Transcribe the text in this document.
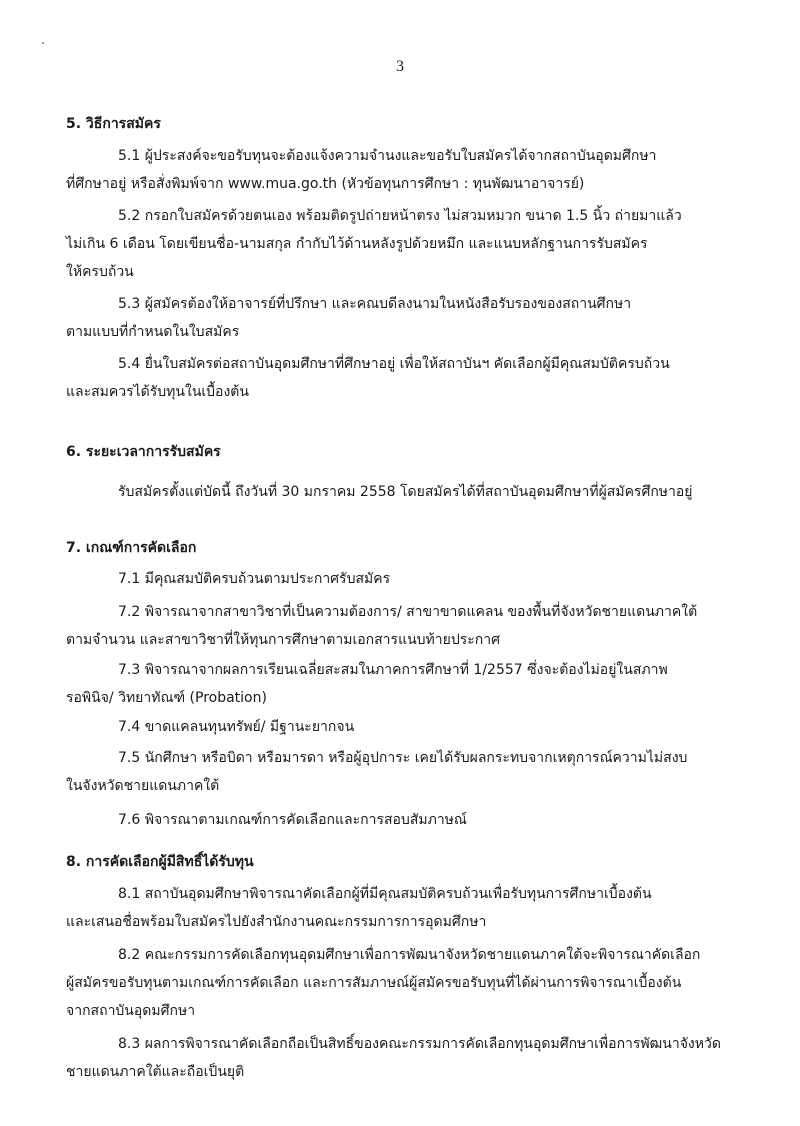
3
5. วิธีการสมัคร
5.1 ผู้ประสงค์จะขอรับทุนจะต้องแจ้งความจำนงและขอรับใบสมัครได้จากสถาบันอุดมศึกษา
ที่ศึกษาอยู่ หรือสั่งพิมพ์จาก www.mua.go.th (หัวข้อทุนการศึกษา : ทุนพัฒนาอาจารย์)
5.2 กรอกใบสมัครด้วยตนเอง พร้อมติดรูปถ่ายหน้าตรง ไม่สวมหมวก ขนาด 1.5 นิ้ว ถ่ายมาแล้ว
ไม่เกิน 6 เดือน โดยเขียนชื่อ-นามสกุล กำกับไว้ด้านหลังรูปด้วยหมึก และแนบหลักฐานการรับสมัคร
ให้ครบถ้วน
5.3 ผู้สมัครต้องให้อาจารย์ที่ปรึกษา และคณบดีลงนามในหนังสือรับรองของสถานศึกษา
ตามแบบที่กำหนดในใบสมัคร
5.4 ยื่นใบสมัครต่อสถาบันอุดมศึกษาที่ศึกษาอยู่ เพื่อให้สถาบันฯ คัดเลือกผู้มีคุณสมบัติครบถ้วน
และสมควรได้รับทุนในเบื้องต้น
6. ระยะเวลาการรับสมัคร
รับสมัครตั้งแต่บัดนี้ ถึงวันที่ 30 มกราคม 2558 โดยสมัครได้ที่สถาบันอุดมศึกษาที่ผู้สมัครศึกษาอยู่
7. เกณฑ์การคัดเลือก
7.1 มีคุณสมบัติครบถ้วนตามประกาศรับสมัคร
7.2 พิจารณาจากสาขาวิชาที่เป็นความต้องการ/ สาขาขาดแคลน ของพื้นที่จังหวัดชายแดนภาคใต้
ตามจำนวน และสาขาวิชาที่ให้ทุนการศึกษาตามเอกสารแนบท้ายประกาศ
7.3 พิจารณาจากผลการเรียนเฉลี่ยสะสมในภาคการศึกษาที่ 1/2557 ซึ่งจะต้องไม่อยู่ในสภาพ
รอพินิจ/ วิทยาทัณฑ์ (Probation)
7.4 ขาดแคลนทุนทรัพย์/ มีฐานะยากจน
7.5 นักศึกษา หรือบิดา หรือมารดา หรือผู้อุปการะ เคยได้รับผลกระทบจากเหตุการณ์ความไม่สงบ
ในจังหวัดชายแดนภาคใต้
7.6 พิจารณาตามเกณฑ์การคัดเลือกและการสอบสัมภาษณ์
8. การคัดเลือกผู้มีสิทธิ์ได้รับทุน
8.1 สถาบันอุดมศึกษาพิจารณาคัดเลือกผู้ที่มีคุณสมบัติครบถ้วนเพื่อรับทุนการศึกษาเบื้องต้น
และเสนอชื่อพร้อมใบสมัครไปยังสำนักงานคณะกรรมการการอุดมศึกษา
8.2 คณะกรรมการคัดเลือกทุนอุดมศึกษาเพื่อการพัฒนาจังหวัดชายแดนภาคใต้จะพิจารณาคัดเลือก
ผู้สมัครขอรับทุนตามเกณฑ์การคัดเลือก และการสัมภาษณ์ผู้สมัครขอรับทุนที่ได้ผ่านการพิจารณาเบื้องต้น
จากสถาบันอุดมศึกษา
8.3 ผลการพิจารณาคัดเลือกถือเป็นสิทธิ์ของคณะกรรมการคัดเลือกทุนอุดมศึกษาเพื่อการพัฒนาจังหวัด
ชายแดนภาคใต้และถือเป็นยุติ
